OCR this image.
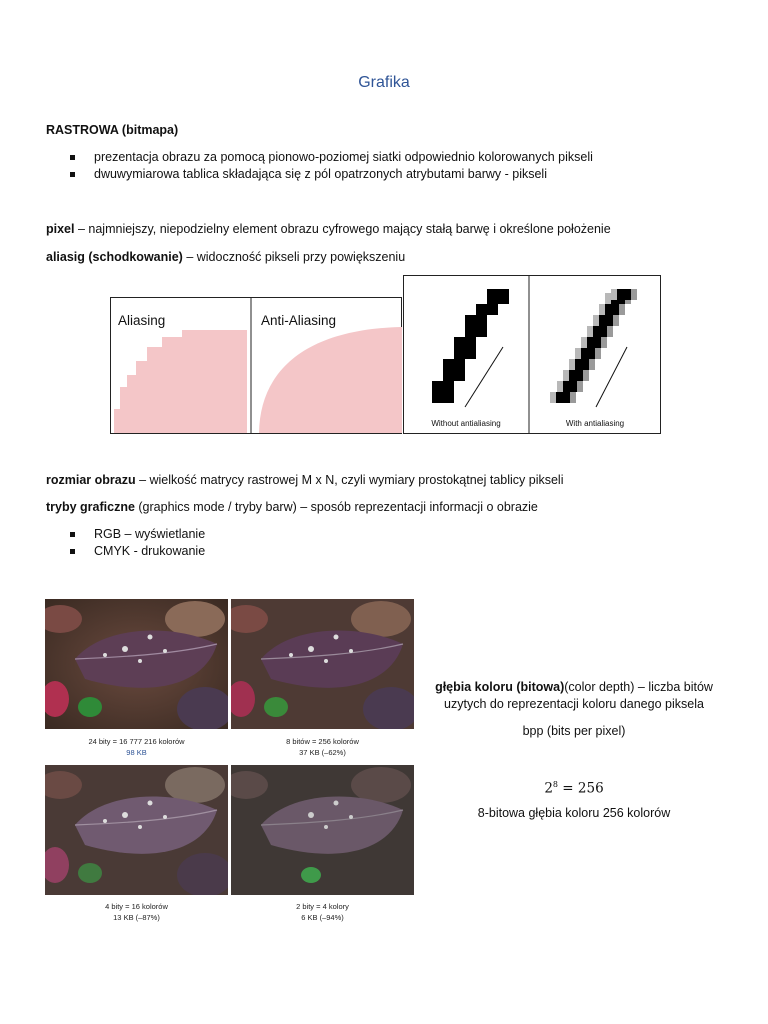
Grafika
RASTROWA (bitmapa)
prezentacja obrazu za pomocą pionowo-poziomej siatki odpowiednio kolorowanych pikseli
dwuwymiarowa tablica składająca się z pól opatrzonych atrybutami barwy - pikseli
pixel – najmniejszy, niepodzielny element obrazu cyfrowego mający stałą barwę i określone położenie
aliasig (schodkowanie) – widoczność pikseli przy powiększeniu
Aliasing	Anti-Aliasing
Without antialiasing	With antialiasing
rozmiar obrazu – wielkość matrycy rastrowej M x N, czyli wymiary prostokątnej tablicy pikseli
tryby graficzne (graphics mode / tryby barw) – sposób reprezentacji informacji o obrazie
RGB – wyświetlanie
CMYK - drukowanie
24 bity = 16 777 216 kolorów
98 KB
8 bitów = 256 kolorów
37 KB (–62%)
4 bity = 16 kolorów
13 KB (–87%)
2 bity = 4 kolory
6 KB (–94%)
głębia koloru (bitowa)(color depth) – liczba bitów
uzytych do reprezentacji koloru danego piksela
bpp (bits per pixel)
$2^8 = 256$
8-bitowa głębia koloru 256 kolorów
